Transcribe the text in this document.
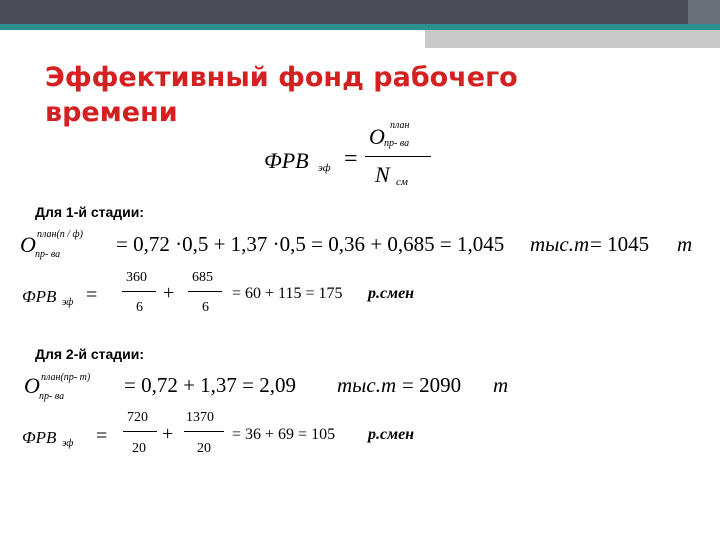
Эффективный фонд рабочего времени
ФРВ эф =
O план
пр- ва
N см
Для 1-й стадии:
O план(п / ф)
пр- ва	= 0,72 ·0,5 + 1,37 ·0,5 = 0,36 + 0,685 = 1,045 тыс.т = 1045 т
ФРВ эф =
360
6
+
685
6
= 60 + 115 = 175 р.смен
Для 2-й стадии:
O план(пр- т)
пр- ва	= 0,72 + 1,37 = 2,09 тыс.т = 2090 т
ФРВ эф =
720
20
+
1370
20
= 36 + 69 = 105 р.смен
